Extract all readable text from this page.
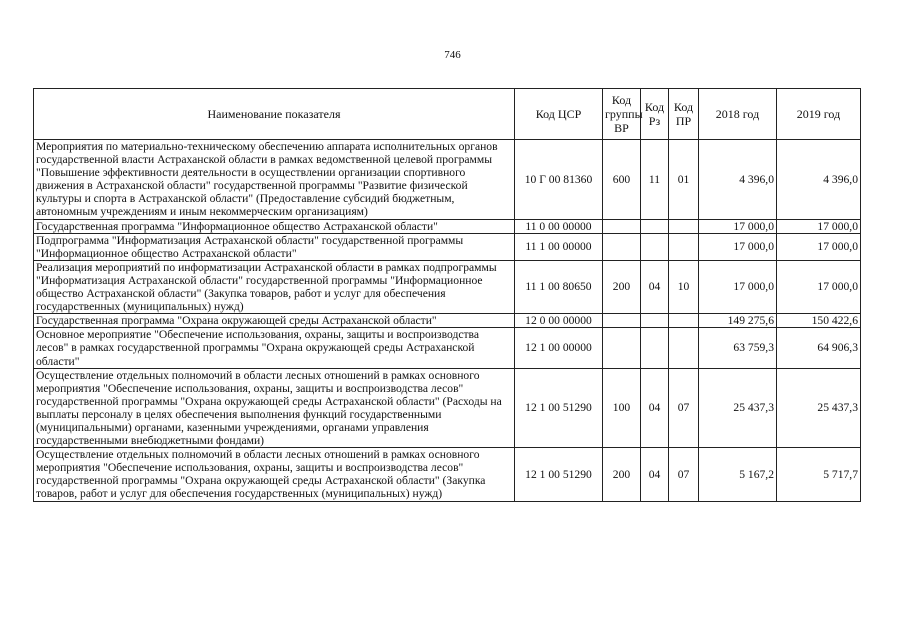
746
Наименование показателя	Код ЦСР	Код группы ВР	Код Рз	Код ПР	2018 год	2019 год
Мероприятия по материально-техническому обеспечению аппарата исполнительных органов государственной власти Астраханской области в рамках ведомственной целевой программы "Повышение эффективности деятельности в осуществлении организации спортивного движения в Астраханской области" государственной программы "Развитие физической культуры и спорта в Астраханской области" (Предоставление субсидий бюджетным, автономным учреждениям и иным некоммерческим организациям)	10 Г 00 81360	600	11	01	4 396,0	4 396,0
Государственная программа "Информационное общество Астраханской области"	11 0 00 00000				17 000,0	17 000,0
Подпрограмма "Информатизация Астраханской области" государственной программы "Информационное общество Астраханской области"	11 1 00 00000				17 000,0	17 000,0
Реализация мероприятий по информатизации Астраханской области в рамках подпрограммы "Информатизация Астраханской области" государственной программы "Информационное общество Астраханской области" (Закупка товаров, работ и услуг для обеспечения государственных (муниципальных) нужд)	11 1 00 80650	200	04	10	17 000,0	17 000,0
Государственная программа "Охрана окружающей среды Астраханской области"	12 0 00 00000				149 275,6	150 422,6
Основное мероприятие "Обеспечение использования, охраны, защиты и воспроизводства лесов" в рамках государственной программы "Охрана окружающей среды Астраханской области"	12 1 00 00000				63 759,3	64 906,3
Осуществление отдельных полномочий в области лесных отношений в рамках основного мероприятия "Обеспечение использования, охраны, защиты и воспроизводства лесов" государственной программы "Охрана окружающей среды Астраханской области" (Расходы на выплаты персоналу в целях обеспечения выполнения функций государственными (муниципальными) органами, казенными учреждениями, органами управления государственными внебюджетными фондами)	12 1 00 51290	100	04	07	25 437,3	25 437,3
Осуществление отдельных полномочий в области лесных отношений в рамках основного мероприятия "Обеспечение использования, охраны, защиты и воспроизводства лесов" государственной программы "Охрана окружающей среды Астраханской области" (Закупка товаров, работ и услуг для обеспечения государственных (муниципальных) нужд)	12 1 00 51290	200	04	07	5 167,2	5 717,7
